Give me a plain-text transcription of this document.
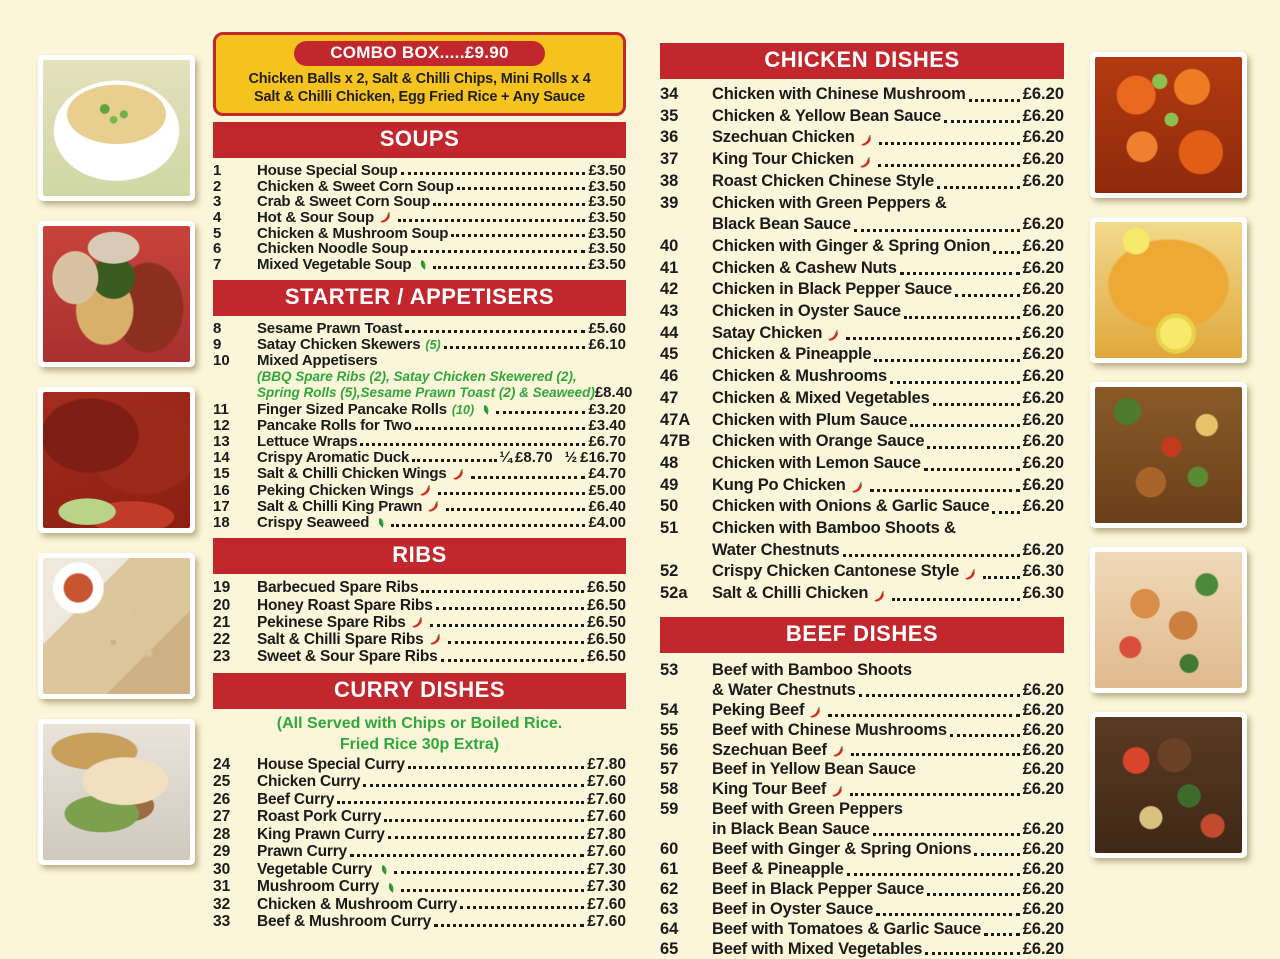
COMBO BOX.....£9.90
Chicken Balls x 2, Salt & Chilli Chips, Mini Rolls x 4
Salt & Chilli Chicken, Egg Fried Rice + Any Sauce
SOUPS
1	House Special Soup	£3.50
2	Chicken & Sweet Corn Soup	£3.50
3	Crab & Sweet Corn Soup	£3.50
4	Hot & Sour Soup	£3.50
5	Chicken & Mushroom Soup	£3.50
6	Chicken Noodle Soup	£3.50
7	Mixed Vegetable Soup	£3.50
STARTER / APPETISERS
8	Sesame Prawn Toast	£5.60
9	Satay Chicken Skewers (5)	£6.10
10	Mixed Appetisers
(BBQ Spare Ribs (2), Satay Chicken Skewered (2),
Spring Rolls (5),Sesame Prawn Toast (2) & Seaweed) £8.40
11	Finger Sized Pancake Rolls (10)	£3.20
12	Pancake Rolls for Two	£3.40
13	Lettuce Wraps	£6.70
14	Crispy Aromatic Duck	¼ £8.70 ½ £16.70
15	Salt & Chilli Chicken Wings	£4.70
16	Peking Chicken Wings	£5.00
17	Salt & Chilli King Prawn	£6.40
18	Crispy Seaweed	£4.00
RIBS
19	Barbecued Spare Ribs	£6.50
20	Honey Roast Spare Ribs	£6.50
21	Pekinese Spare Ribs	£6.50
22	Salt & Chilli Spare Ribs	£6.50
23	Sweet & Sour Spare Ribs	£6.50
CURRY DISHES
(All Served with Chips or Boiled Rice.
Fried Rice 30p Extra)
24	House Special Curry	£7.80
25	Chicken Curry	£7.60
26	Beef Curry	£7.60
27	Roast Pork Curry	£7.60
28	King Prawn Curry	£7.80
29	Prawn Curry	£7.60
30	Vegetable Curry	£7.30
31	Mushroom Curry	£7.30
32	Chicken & Mushroom Curry	£7.60
33	Beef & Mushroom Curry	£7.60
CHICKEN DISHES
34	Chicken with Chinese Mushroom	£6.20
35	Chicken & Yellow Bean Sauce	£6.20
36	Szechuan Chicken	£6.20
37	King Tour Chicken	£6.20
38	Roast Chicken Chinese Style	£6.20
39	Chicken with Green Peppers &
Black Bean Sauce	£6.20
40	Chicken with Ginger & Spring Onion £6.20
41	Chicken & Cashew Nuts	£6.20
42	Chicken in Black Pepper Sauce	£6.20
43	Chicken in Oyster Sauce	£6.20
44	Satay Chicken	£6.20
45	Chicken & Pineapple	£6.20
46	Chicken & Mushrooms	£6.20
47	Chicken & Mixed Vegetables	£6.20
47A	Chicken with Plum Sauce	£6.20
47B	Chicken with Orange Sauce	£6.20
48	Chicken with Lemon Sauce	£6.20
49	Kung Po Chicken	£6.20
50	Chicken with Onions & Garlic Sauce £6.20
51	Chicken with Bamboo Shoots &
Water Chestnuts	£6.20
52	Crispy Chicken Cantonese Style	£6.30
52a	Salt & Chilli Chicken	£6.30
BEEF DISHES
53	Beef with Bamboo Shoots
& Water Chestnuts	£6.20
54	Peking Beef	£6.20
55	Beef with Chinese Mushrooms	£6.20
56	Szechuan Beef	£6.20
57	Beef in Yellow Bean Sauce	£6.20
58	King Tour Beef	£6.20
59	Beef with Green Peppers
in Black Bean Sauce	£6.20
60	Beef with Ginger & Spring Onions	£6.20
61	Beef & Pineapple	£6.20
62	Beef in Black Pepper Sauce	£6.20
63	Beef in Oyster Sauce	£6.20
64	Beef with Tomatoes & Garlic Sauce	£6.20
65	Beef with Mixed Vegetables	£6.20
